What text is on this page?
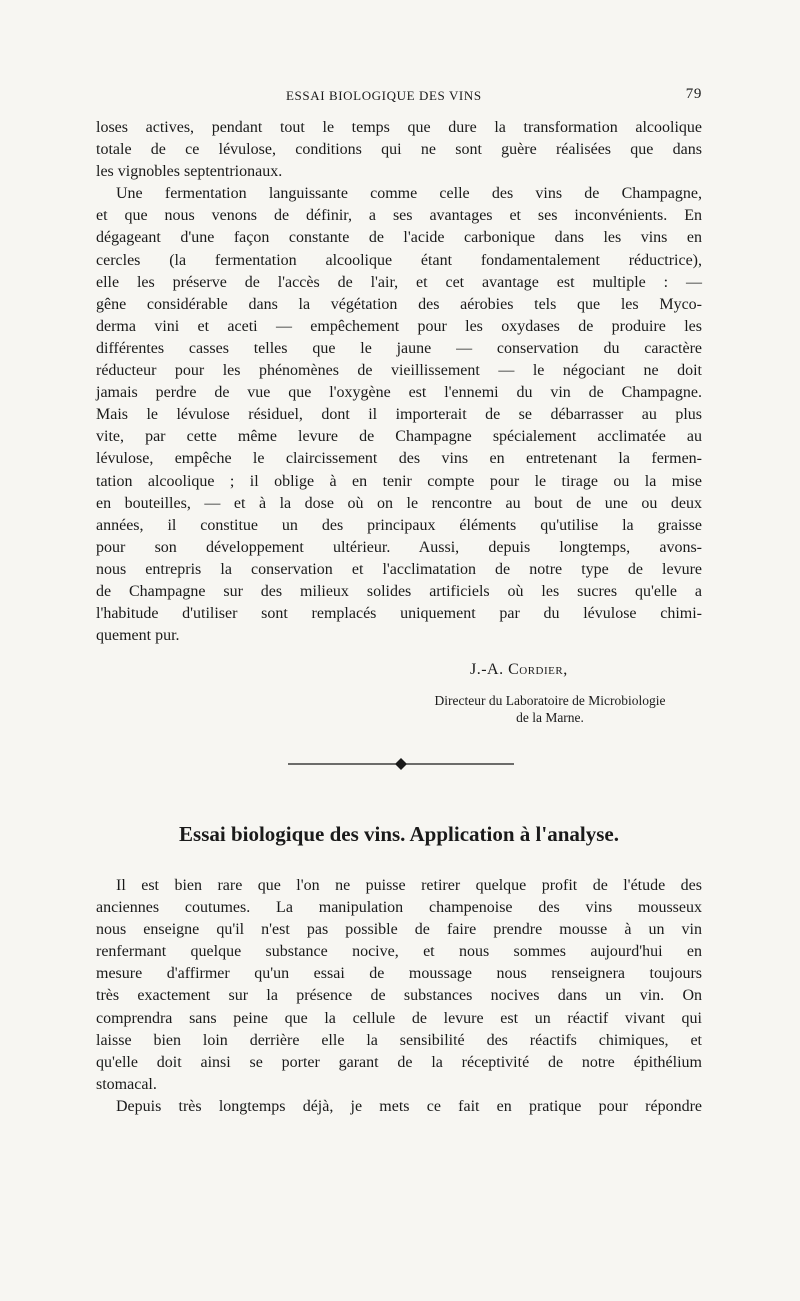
ESSAI BIOLOGIQUE DES VINS	79
loses actives, pendant tout le temps que dure la transformation alcoolique
totale de ce lévulose, conditions qui ne sont guère réalisées que dans
les vignobles septentrionaux.
Une fermentation languissante comme celle des vins de Champagne,
et que nous venons de définir, a ses avantages et ses inconvénients. En
dégageant d'une façon constante de l'acide carbonique dans les vins en
cercles (la fermentation alcoolique étant fondamentalement réductrice),
elle les préserve de l'accès de l'air, et cet avantage est multiple : —
gêne considérable dans la végétation des aérobies tels que les Myco-
derma vini et aceti — empêchement pour les oxydases de produire les
différentes casses telles que le jaune — conservation du caractère
réducteur pour les phénomènes de vieillissement — le négociant ne doit
jamais perdre de vue que l'oxygène est l'ennemi du vin de Champagne.
Mais le lévulose résiduel, dont il importerait de se débarrasser au plus
vite, par cette même levure de Champagne spécialement acclimatée au
lévulose, empêche le claircissement des vins en entretenant la fermen-
tation alcoolique ; il oblige à en tenir compte pour le tirage ou la mise
en bouteilles, — et à la dose où on le rencontre au bout de une ou deux
années, il constitue un des principaux éléments qu'utilise la graisse
pour son développement ultérieur. Aussi, depuis longtemps, avons-
nous entrepris la conservation et l'acclimatation de notre type de levure
de Champagne sur des milieux solides artificiels où les sucres qu'elle a
l'habitude d'utiliser sont remplacés uniquement par du lévulose chimi-
quement pur.
J.-A. Cordier,
Directeur du Laboratoire de Microbiologie
de la Marne.
Essai biologique des vins. Application à l'analyse.
Il est bien rare que l'on ne puisse retirer quelque profit de l'étude des
anciennes coutumes. La manipulation champenoise des vins mousseux
nous enseigne qu'il n'est pas possible de faire prendre mousse à un vin
renfermant quelque substance nocive, et nous sommes aujourd'hui en
mesure d'affirmer qu'un essai de moussage nous renseignera toujours
très exactement sur la présence de substances nocives dans un vin. On
comprendra sans peine que la cellule de levure est un réactif vivant qui
laisse bien loin derrière elle la sensibilité des réactifs chimiques, et
qu'elle doit ainsi se porter garant de la réceptivité de notre épithélium
stomacal.
Depuis très longtemps déjà, je mets ce fait en pratique pour répondre
